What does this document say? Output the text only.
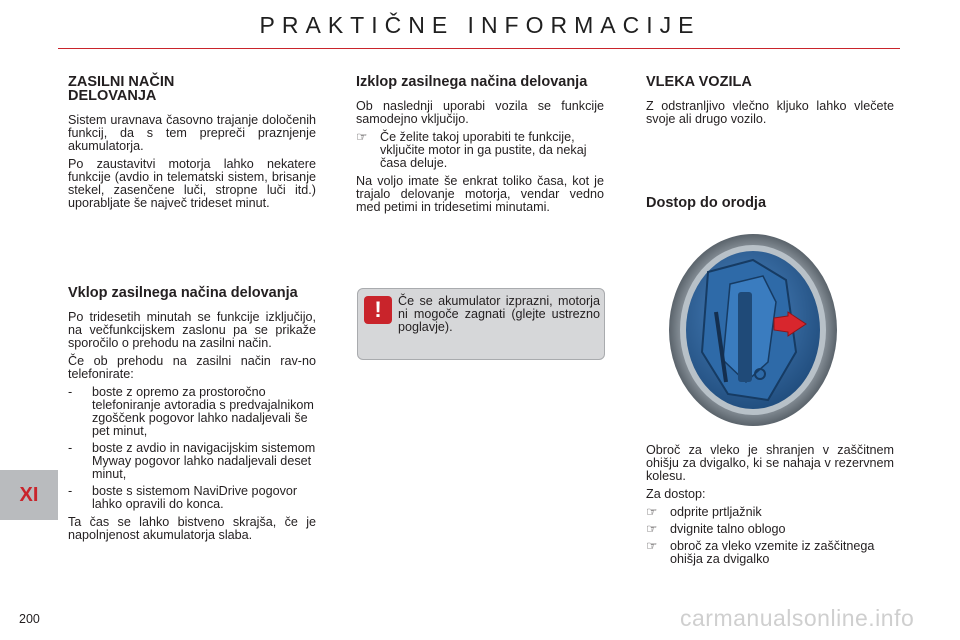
PRAKTIČNE INFORMACIJE
ZASILNI NAČIN DELOVANJA

Sistem uravnava časovno trajanje določenih funkcij, da s tem prepreči praznjenje akumulatorja.

Po zaustavitvi motorja lahko nekatere funkcije (avdio in telematski sistem, brisanje stekel, zasenčene luči, stropne luči itd.) uporabljate še največ trideset minut.

Vklop zasilnega načina delovanja

Po tridesetih minutah se funkcije izključijo, na večfunkcijskem zaslonu pa se prikaže sporočilo o prehodu na zasilni način.

Če ob prehodu na zasilni način rav-no telefonirate:

- boste z opremo za prostoročno telefoniranje avtoradia s predvajalnikom zgoščenk pogovor lahko nadaljevali še pet minut,
- boste z avdio in navigacijskim sistemom Myway pogovor lahko nadaljevali deset minut,
- boste s sistemom NaviDrive pogovor lahko opravili do konca.

Ta čas se lahko bistveno skrajša, če je napolnjenost akumulatorja slaba.

Izklop zasilnega načina delovanja

Ob naslednji uporabi vozila se funkcije samodejno vključijo.

☞ Če želite takoj uporabiti te funkcije, vključite motor in ga pustite, da nekaj časa deluje.

Na voljo imate še enkrat toliko časa, kot je trajalo delovanje motorja, vendar vedno med petimi in tridesetimi minutami.

!	Če se akumulator izprazni, motorja ni mogoče zagnati (glejte ustrezno poglavje).
VLEKA VOZILA

Z odstranljivo vlečno kljuko lahko vlečete svoje ali drugo vozilo.

Dostop do orodja

Obroč za vleko je shranjen v zaščitnem ohišju za dvigalko, ki se nahaja v rezervnem kolesu.

Za dostop:

☞ odprite prtljažnik
☞ dvignite talno oblogo
☞ obroč za vleko vzemite iz zaščitnega ohišja za dvigalko
XI
200	carmanualsonline.info
